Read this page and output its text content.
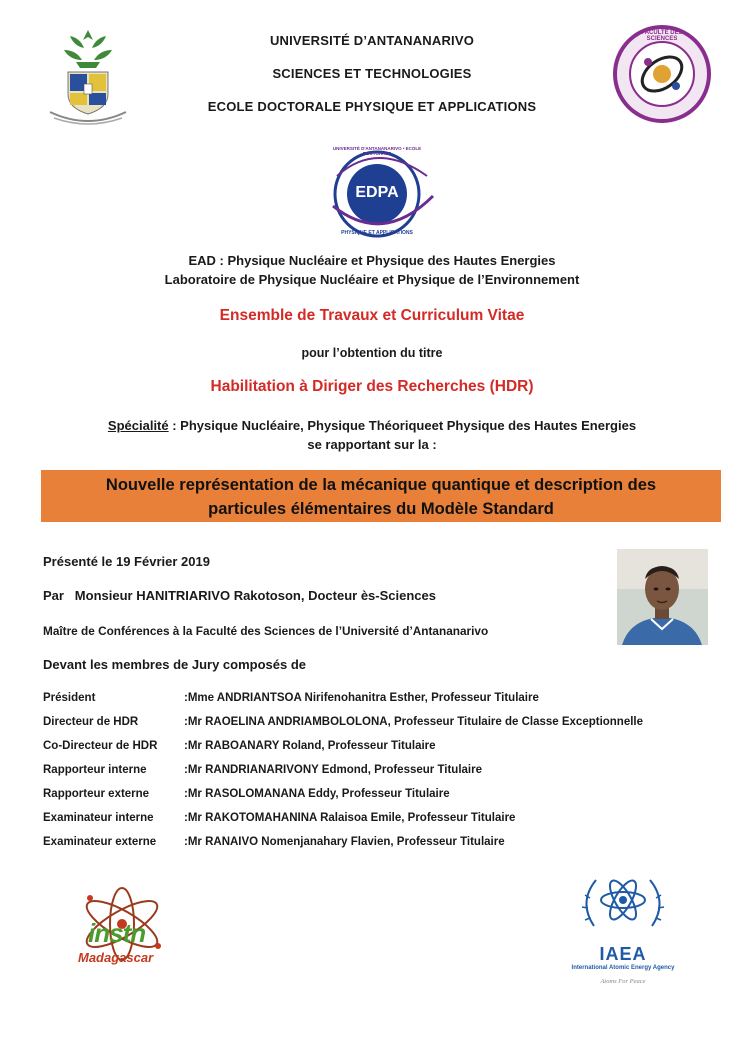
FACULTÉ DES SCIENCES
UNIVERSITÉ D’ANTANANARIVO
SCIENCES ET TECHNOLOGIES
ECOLE DOCTORALE PHYSIQUE ET APPLICATIONS
EDPA
UNIVERSITÉ D'ANTANANARIVO • ECOLE DOCTORALE
PHYSIQUE ET APPLICATIONS
EAD : Physique Nucléaire et Physique des Hautes Energies
Laboratoire de Physique Nucléaire et Physique de l’Environnement
Ensemble de Travaux et Curriculum Vitae
pour l’obtention du titre
Habilitation à Diriger des Recherches (HDR)
Spécialité : Physique Nucléaire, Physique Théoriqueet Physique des Hautes Energies
se rapportant sur la :
Nouvelle représentation de la mécanique quantique et description des
particules élémentaires du Modèle Standard
Présenté le 19 Février 2019
Par   Monsieur HANITRIARIVO Rakotoson, Docteur ès-Sciences
Maître de Conférences à la Faculté des Sciences de l’Université d’Antananarivo
Devant les membres de Jury composés de
Président	:Mme ANDRIANTSOA Nirifenohanitra Esther, Professeur Titulaire
Directeur de HDR	:Mr RAOELINA ANDRIAMBOLOLONA, Professeur Titulaire de Classe Exceptionnelle
Co-Directeur de HDR :Mr RABOANARY Roland, Professeur Titulaire
Rapporteur interne	:Mr RANDRIANARIVONY Edmond, Professeur Titulaire
Rapporteur externe	:Mr RASOLOMANANA Eddy, Professeur Titulaire
Examinateur interne	:Mr RAKOTOMAHANINA Ralaisoa Emile, Professeur Titulaire
Examinateur externe :Mr RANAIVO Nomenjanahary Flavien, Professeur Titulaire
instn
Madagascar	IAEA
International Atomic Energy Agency
Atoms For Peace
